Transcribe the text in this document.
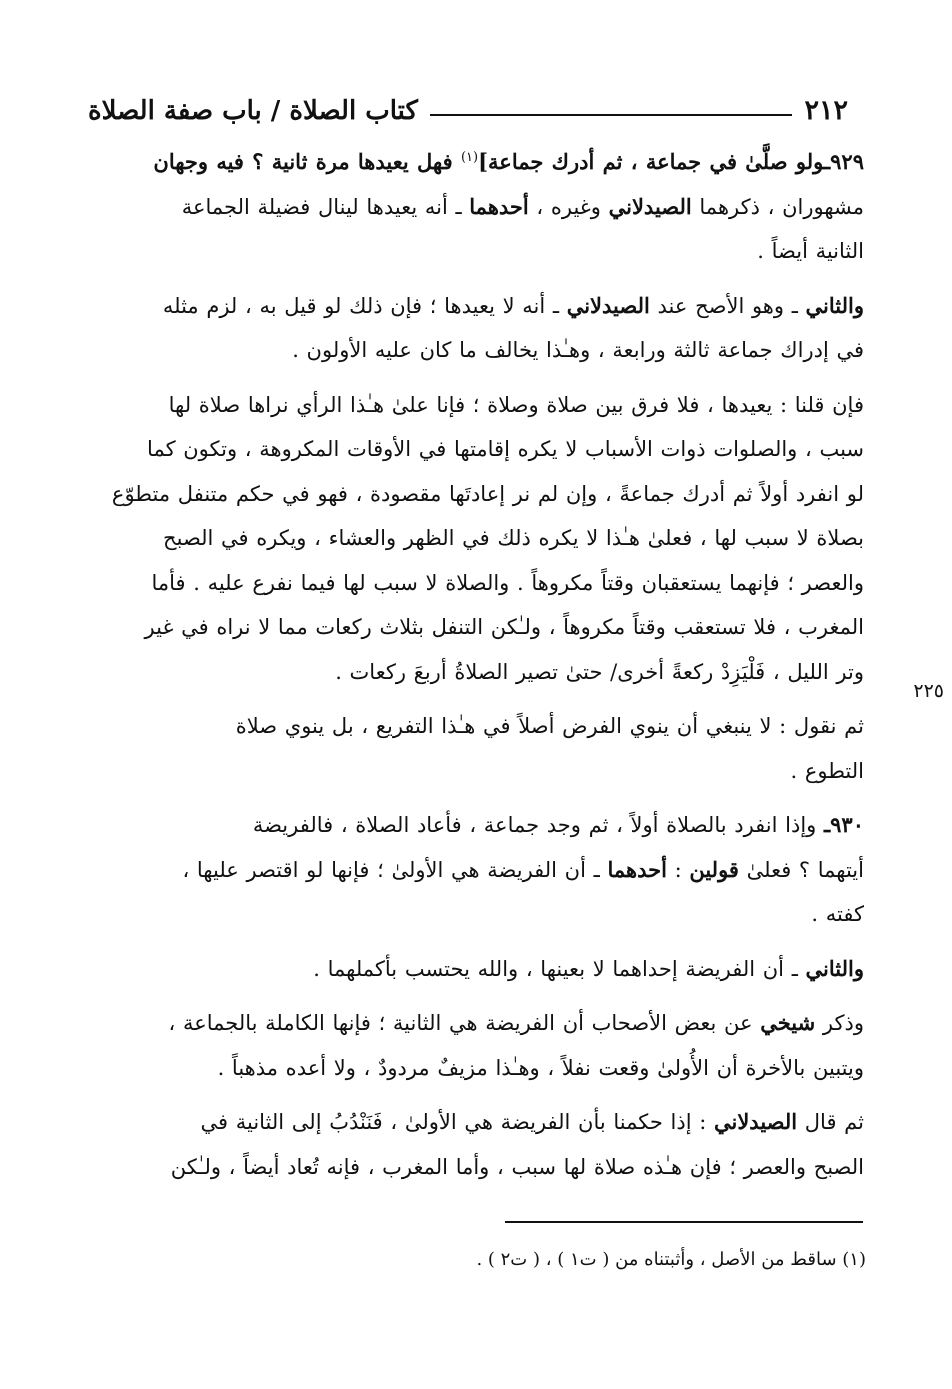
٢١٢
كتاب الصلاة / باب صفة الصلاة
٩٢٩ـولو صلَّىٰ في جماعة ، ثم أدرك جماعة]$^{(١)}$ فهل يعيدها مرة ثانية ؟ فيه وجهان
مشهوران ، ذكرهما الصيدلاني وغيره ، أحدهما ـ أنه يعيدها لينال فضيلة الجماعة
الثانية أيضاً .
والثاني ـ وهو الأصح عند الصيدلاني ـ أنه لا يعيدها ؛ فإن ذلك لو قيل به ، لزم مثله
في إدراك جماعة ثالثة ورابعة ، وهـٰذا يخالف ما كان عليه الأولون .
فإن قلنا : يعيدها ، فلا فرق بين صلاة وصلاة ؛ فإنا علىٰ هـٰذا الرأي نراها صلاة لها
سبب ، والصلوات ذوات الأسباب لا يكره إقامتها في الأوقات المكروهة ، وتكون كما
لو انفرد أولاً ثم أدرك جماعةً ، وإن لم نر إعادتَها مقصودة ، فهو في حكم متنفل متطوّع
بصلاة لا سبب لها ، فعلىٰ هـٰذا لا يكره ذلك في الظهر والعشاء ، ويكره في الصبح
والعصر ؛ فإنهما يستعقبان وقتاً مكروهاً . والصلاة لا سبب لها فيما نفرع عليه . فأما
المغرب ، فلا تستعقب وقتاً مكروهاً ، ولـٰكن التنفل بثلاث ركعات مما لا نراه في غير
وتر الليل ، فَلْيَزِدْ ركعةً أخرى/ حتىٰ تصير الصلاةُ أربعَ ركعات .
ثم نقول : لا ينبغي أن ينوي الفرض أصلاً في هـٰذا التفريع ، بل ينوي صلاة
التطوع .
٩٣٠ـ وإذا انفرد بالصلاة أولاً ، ثم وجد جماعة ، فأعاد الصلاة ، فالفريضة
أيتهما ؟ فعلىٰ قولين : أحدهما ـ أن الفريضة هي الأولىٰ ؛ فإنها لو اقتصر عليها ،
كفته .
والثاني ـ أن الفريضة إحداهما لا بعينها ، والله يحتسب بأكملهما .
وذكر شيخي عن بعض الأصحاب أن الفريضة هي الثانية ؛ فإنها الكاملة بالجماعة ،
ويتبين بالأخرة أن الأُولىٰ وقعت نفلاً ، وهـٰذا مزيفٌ مردودٌ ، ولا أعده مذهباً .
ثم قال الصيدلاني : إذا حكمنا بأن الفريضة هي الأولىٰ ، فَنَنْدُبُ إلى الثانية في
الصبح والعصر ؛ فإن هـٰذه صلاة لها سبب ، وأما المغرب ، فإنه تُعاد أيضاً ، ولـٰكن
٢٢٥
(١) ساقط من الأصل ، وأثبتناه من ( ت١ ) ، ( ت٢ ) .
